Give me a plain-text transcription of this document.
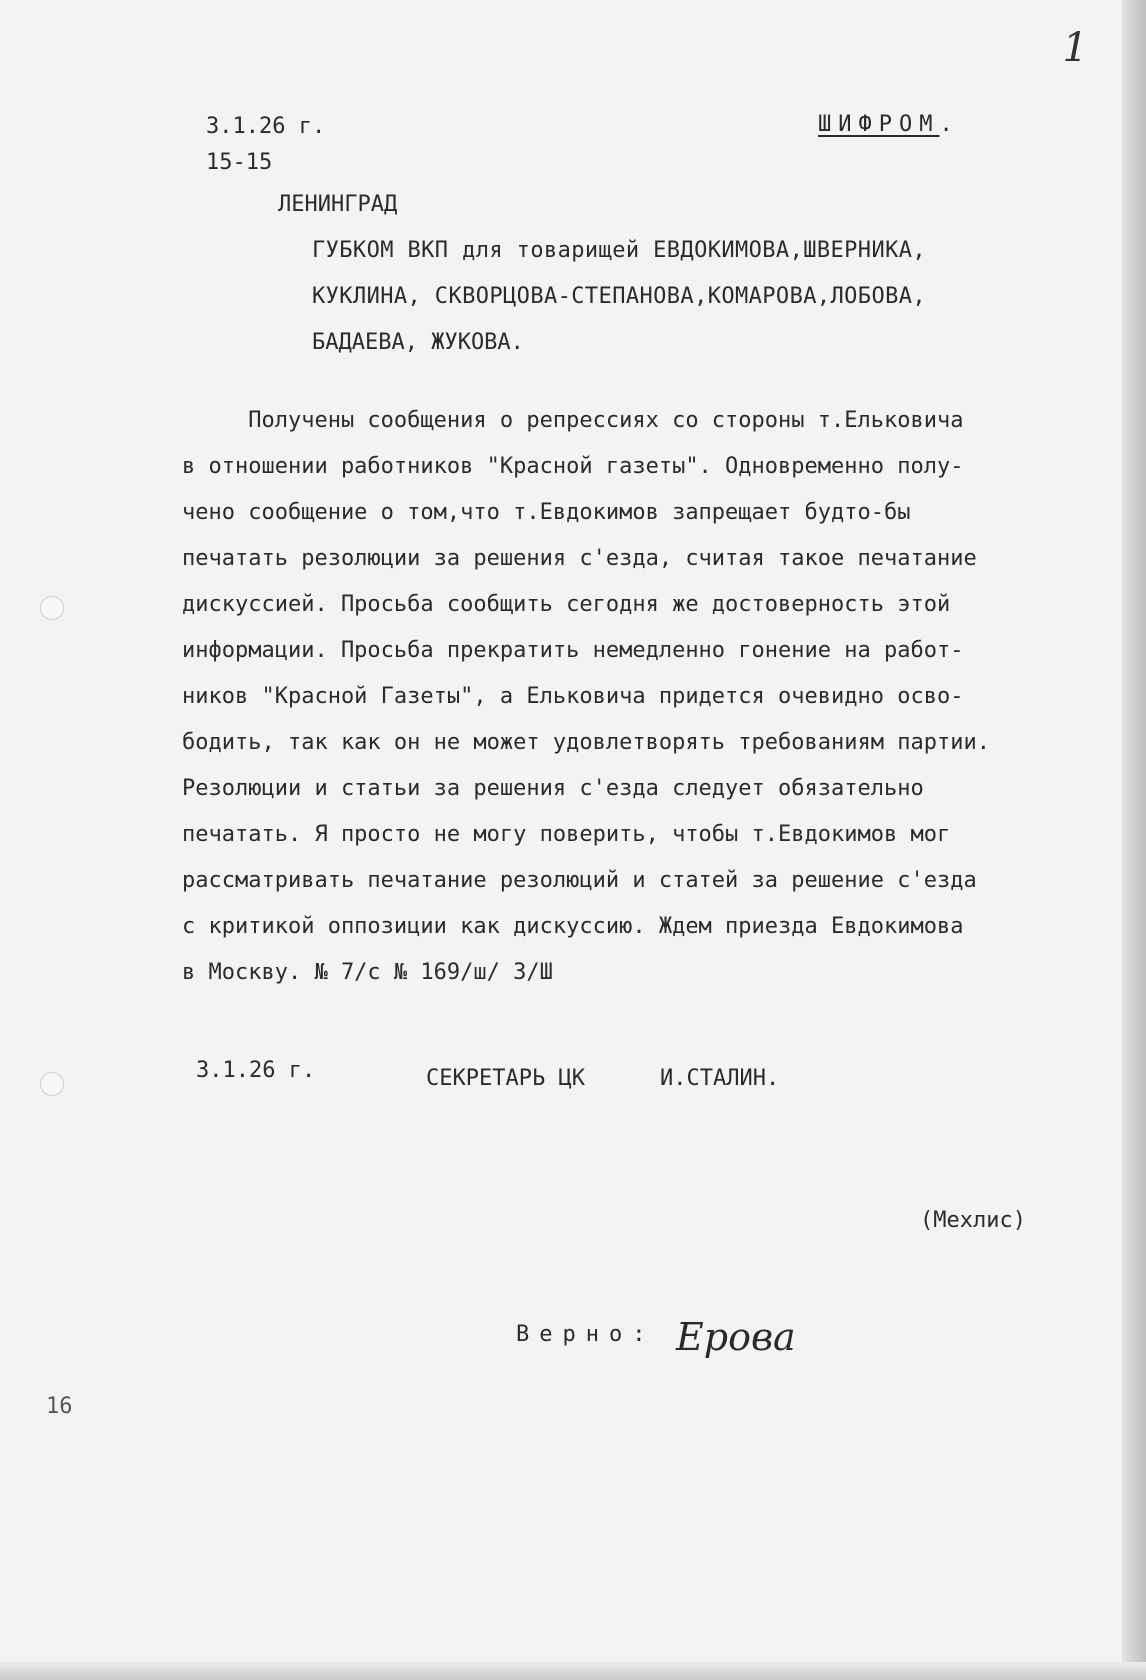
1
3.1.26 г.
15-15
ШИФРОМ.
ЛЕНИНГРАД
ГУБКОМ ВКП для товарищей ЕВДОКИМОВА,ШВЕРНИКА,
КУКЛИНА, СКВОРЦОВА-СТЕПАНОВА,КОМАРОВА,ЛОБОВА,
БАДАЕВА, ЖУКОВА.
Получены сообщения о репрессиях со стороны т.Ельковича
в отношении работников "Красной газеты". Одновременно полу-
чено сообщение о том,что т.Евдокимов запрещает будто-бы
печатать резолюции за решения с'езда, считая такое печатание
дискуссией. Просьба сообщить сегодня же достоверность этой
информации. Просьба прекратить немедленно гонение на работ-
ников "Красной Газеты", а Ельковича придется очевидно осво-
бодить, так как он не может удовлетворять требованиям партии.
Резолюции и статьи за решения с'езда следует обязательно
печатать. Я просто не могу поверить, чтобы т.Евдокимов мог
рассматривать печатание резолюций и статей за решение с'езда
с критикой оппозиции как дискуссию. Ждем приезда Евдокимова
в Москву. № 7/с № 169/ш/ 3/Ш
3.1.26 г.	СЕКРЕТАРЬ ЦК	И.СТАЛИН.
(Мехлис)
Верно: Ерова
16
